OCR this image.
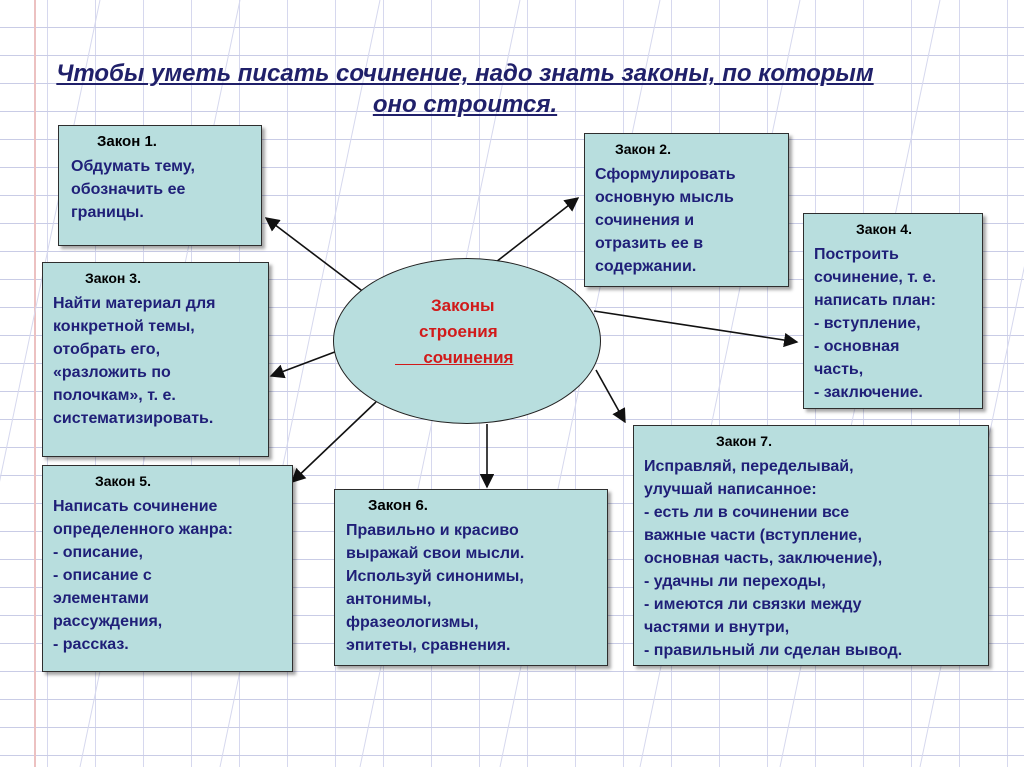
Чтобы уметь писать сочинение, надо знать законы, по которым оно строится.
Законы
строения
сочинения
Закон 1.
Обдумать тему,
обозначить ее
границы.
Закон 2.
Сформулировать
основную мысль
сочинения и
отразить ее в
содержании.
Закон 3.
Найти материал для
конкретной темы,
отобрать его,
«разложить по
полочкам», т. е.
систематизировать.
Закон 4.
Построить
сочинение, т. е.
написать план:
- вступление,
- основная
часть,
- заключение.
Закон 5.
Написать сочинение
определенного жанра:
- описание,
- описание с
элементами
рассуждения,
- рассказ.
Закон 6.
Правильно и красиво
выражай свои мысли.
Используй синонимы,
антонимы,
фразеологизмы,
эпитеты, сравнения.
Закон 7.
Исправляй, переделывай,
улучшай написанное:
- есть ли в сочинении все
важные части (вступление,
основная часть, заключение),
- удачны ли переходы,
- имеются ли связки между
частями и внутри,
- правильный ли сделан вывод.
